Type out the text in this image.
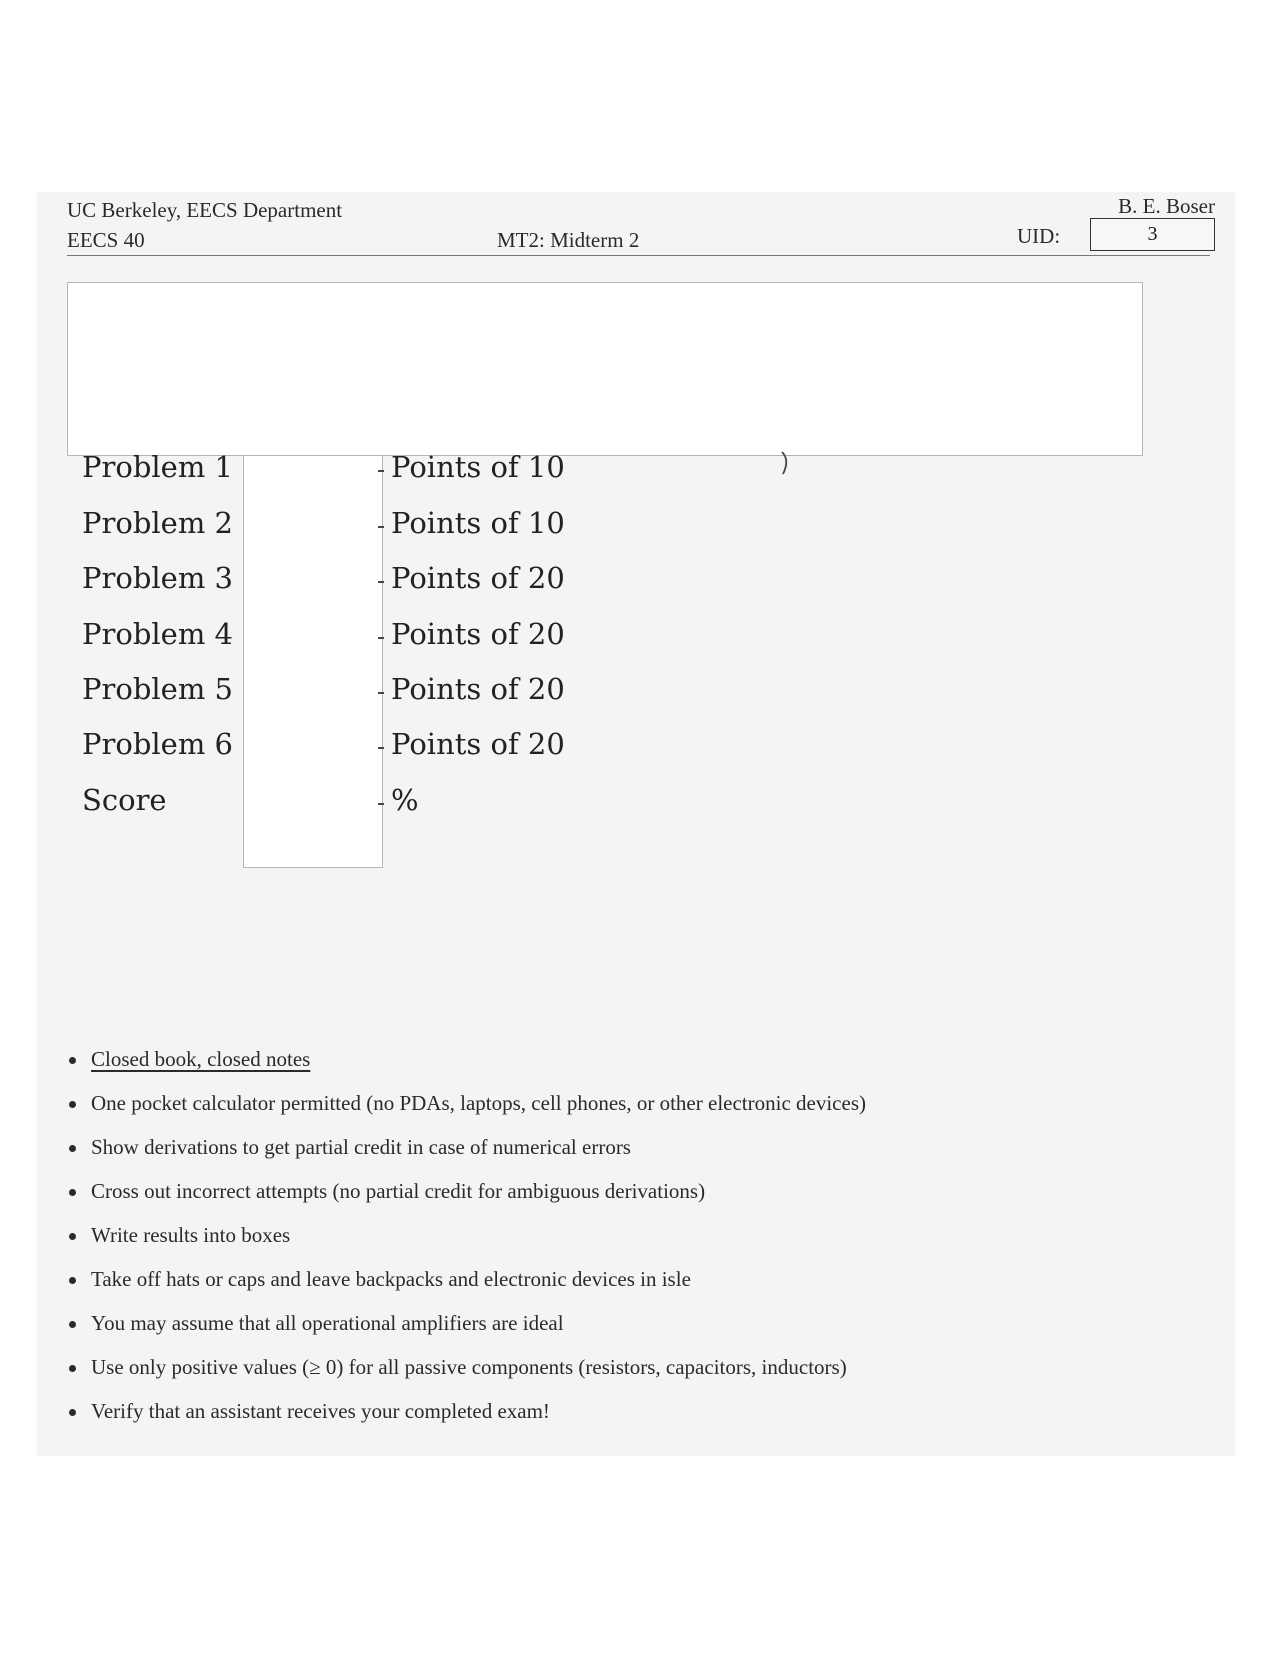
UC Berkeley, EECS Department
EECS 40	MT2: Midterm 2
B. E. Boser
UID:	3
Problem 1	Points of 10
Problem 2	Points of 10
Problem 3	Points of 20
Problem 4	Points of 20
Problem 5	Points of 20
Problem 6	Points of 20
Score	%
Closed book, closed notes
One pocket calculator permitted (no PDAs, laptops, cell phones, or other electronic devices)
Show derivations to get partial credit in case of numerical errors
Cross out incorrect attempts (no partial credit for ambiguous derivations)
Write results into boxes
Take off hats or caps and leave backpacks and electronic devices in isle
You may assume that all operational amplifiers are ideal
Use only positive values (≥ 0) for all passive components (resistors, capacitors, inductors)
Verify that an assistant receives your completed exam!
